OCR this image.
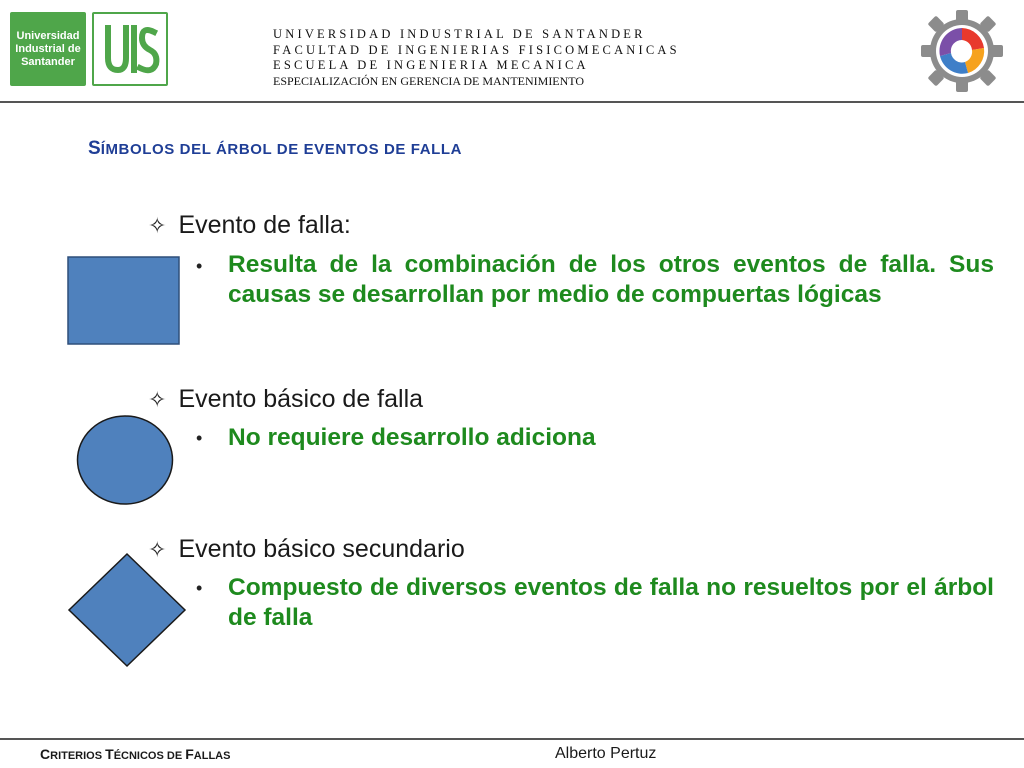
Universidad
Industrial de
Santander
UNIVERSIDAD INDUSTRIAL DE SANTANDER
FACULTAD DE INGENIERIAS FISICOMECANICAS
ESCUELA DE INGENIERIA MECANICA
ESPECIALIZACIÓN EN GERENCIA DE MANTENIMIENTO
SÍMBOLOS DEL ÁRBOL DE EVENTOS DE FALLA
✧ Evento de falla:
• Resulta de la combinación de los otros eventos de falla. Sus causas se desarrollan por medio de compuertas lógicas
✧ Evento básico de falla
• No requiere desarrollo adiciona
✧ Evento básico secundario
• Compuesto de diversos eventos de falla no resueltos por el árbol de falla
CRITERIOS TÉCNICOS DE FALLAS	Alberto Pertuz
